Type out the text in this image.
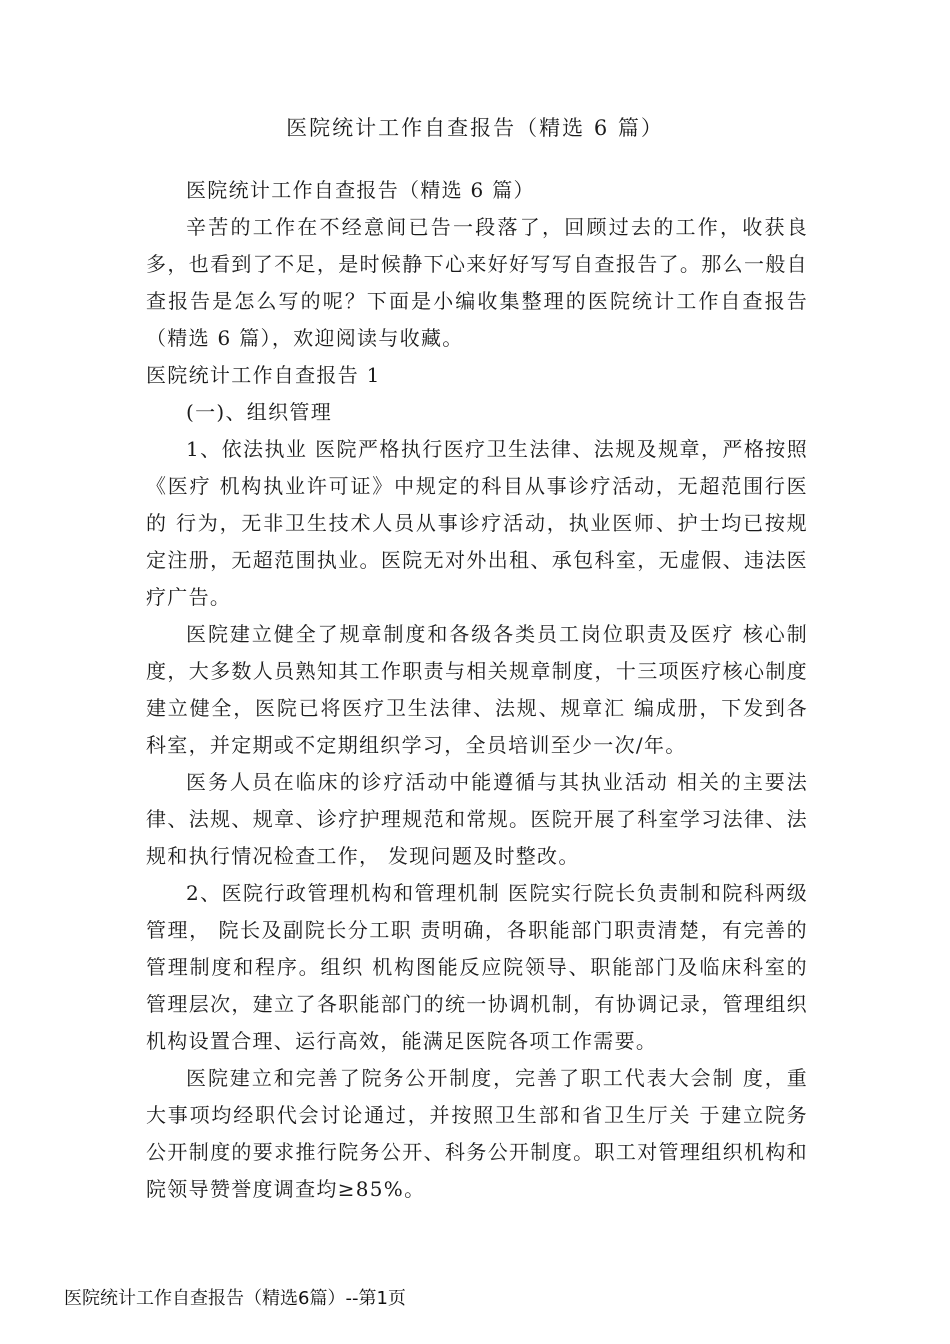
医院统计工作自查报告（精选 6 篇）

医院统计工作自查报告（精选 6 篇）

辛苦的工作在不经意间已告一段落了，回顾过去的工作，收获良多，也看到了不足，是时候静下心来好好写写自查报告了。那么一般自查报告是怎么写的呢？下面是小编收集整理的医院统计工作自查报告（精选 6 篇），欢迎阅读与收藏。

医院统计工作自查报告 1

(一)、组织管理

1、依法执业 医院严格执行医疗卫生法律、法规及规章，严格按照《医疗 机构执业许可证》中规定的科目从事诊疗活动，无超范围行医的 行为，无非卫生技术人员从事诊疗活动，执业医师、护士均已按规定注册，无超范围执业。医院无对外出租、承包科室，无虚假、违法医疗广告。

医院建立健全了规章制度和各级各类员工岗位职责及医疗 核心制度，大多数人员熟知其工作职责与相关规章制度，十三项医疗核心制度建立健全，医院已将医疗卫生法律、法规、规章汇 编成册，下发到各科室，并定期或不定期组织学习，全员培训至少一次/年。

医务人员在临床的诊疗活动中能遵循与其执业活动 相关的主要法律、法规、规章、诊疗护理规范和常规。医院开展了科室学习法律、法规和执行情况检查工作， 发现问题及时整改。

2、医院行政管理机构和管理机制 医院实行院长负责制和院科两级管理， 院长及副院长分工职 责明确，各职能部门职责清楚，有完善的管理制度和程序。组织 机构图能反应院领导、职能部门及临床科室的管理层次，建立了各职能部门的统一协调机制，有协调记录，管理组织机构设置合理、运行高效，能满足医院各项工作需要。

医院建立和完善了院务公开制度，完善了职工代表大会制 度，重大事项均经职代会讨论通过，并按照卫生部和省卫生厅关 于建立院务公开制度的要求推行院务公开、科务公开制度。职工对管理组织机构和院领导赞誉度调查均≥85%。

医院统计工作自查报告（精选6篇）--第1页
